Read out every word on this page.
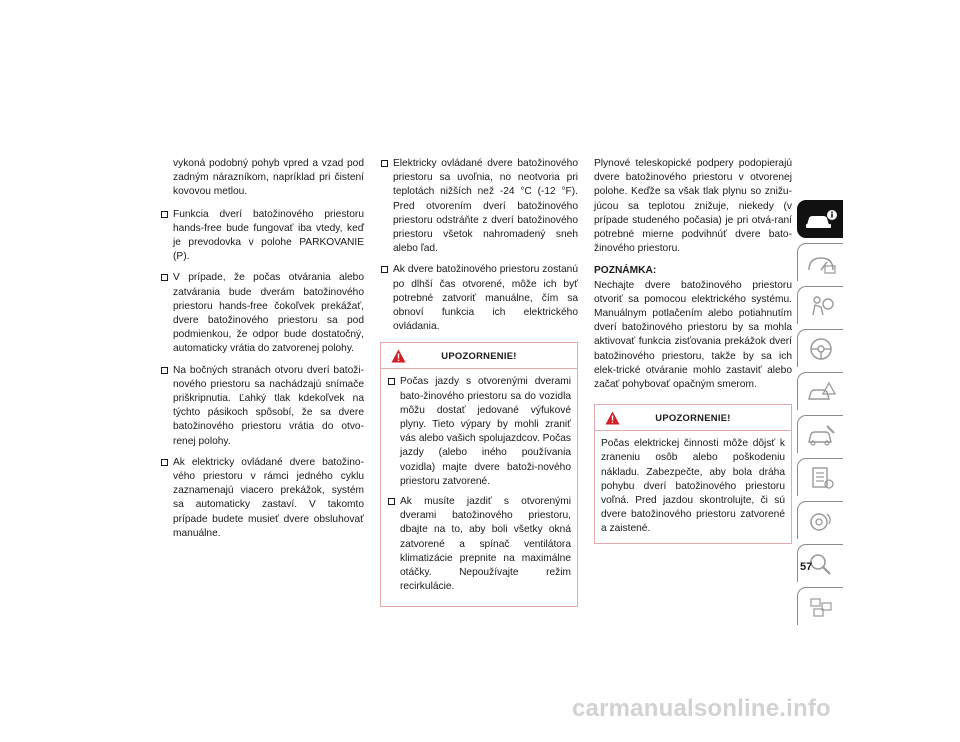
vykoná podobný pohyb vpred a vzad pod zadným nárazníkom, napríklad pri čistení kovovou metlou.

Funkcia dverí batožinového priestoru hands-free bude fungovať iba vtedy, keď je prevodovka v polohe PARKOVANIE (P).
V prípade, že počas otvárania alebo zatvárania bude dverám batožinového priestoru hands-free čokoľvek prekážať, dvere batožinového priestoru sa pod podmienkou, že odpor bude dostatočný, automaticky vrátia do zatvorenej polohy.
Na bočných stranách otvoru dverí batoži-nového priestoru sa nachádzajú snímače priškripnutia. Ľahký tlak kdekoľvek na týchto pásikoch spôsobí, že sa dvere batožinového priestoru vrátia do otvo-renej polohy.
Ak elektricky ovládané dvere batožino-vého priestoru v rámci jedného cyklu zaznamenajú viacero prekážok, systém sa automaticky zastaví. V takomto prípade budete musieť dvere obsluhovať manuálne.
Elektricky ovládané dvere batožinového priestoru sa uvoľnia, no neotvoria pri teplotách nižších než -24 °C (-12 °F). Pred otvorením dverí batožinového priestoru odstráňte z dverí batožinového priestoru všetok nahromadený sneh alebo ľad.
Ak dvere batožinového priestoru zostanú po dlhší čas otvorené, môže ich byť potrebné zatvoriť manuálne, čím sa obnoví funkcia ich elektrického ovládania.
UPOZORNENIE!
Počas jazdy s otvorenými dverami bato-žinového priestoru sa do vozidla môžu dostať jedované výfukové plyny. Tieto výpary by mohli zraniť vás alebo vašich spolujazdcov. Počas jazdy (alebo iného používania vozidla) majte dvere batoži-nového priestoru zatvorené.
Ak musíte jazdiť s otvorenými dverami batožinového priestoru, dbajte na to, aby boli všetky okná zatvorené a spínač ventilátora klimatizácie prepnite na maximálne otáčky. Nepoužívajte režim recirkulácie.

Plynové teleskopické podpery podopierajú dvere batožinového priestoru v otvorenej polohe. Keďže sa však tlak plynu so znižu-júcou sa teplotou znižuje, niekedy (v prípade studeného počasia) je pri otvá-raní potrebné mierne podvihnúť dvere bato-žinového priestoru.

POZNÁMKA:

Nechajte dvere batožinového priestoru otvoriť sa pomocou elektrického systému. Manuálnym potlačením alebo potiahnutím dverí batožinového priestoru by sa mohla aktivovať funkcia zisťovania prekážok dverí batožinového priestoru, takže by sa ich elek-trické otváranie mohlo zastaviť alebo začať pohybovať opačným smerom.

UPOZORNENIE!

Počas elektrickej činnosti môže dôjsť k zraneniu osôb alebo poškodeniu nákladu. Zabezpečte, aby bola dráha pohybu dverí batožinového priestoru voľná. Pred jazdou skontrolujte, či sú dvere batožinového priestoru zatvorené a zaistené.

57
carmanualsonline.info
